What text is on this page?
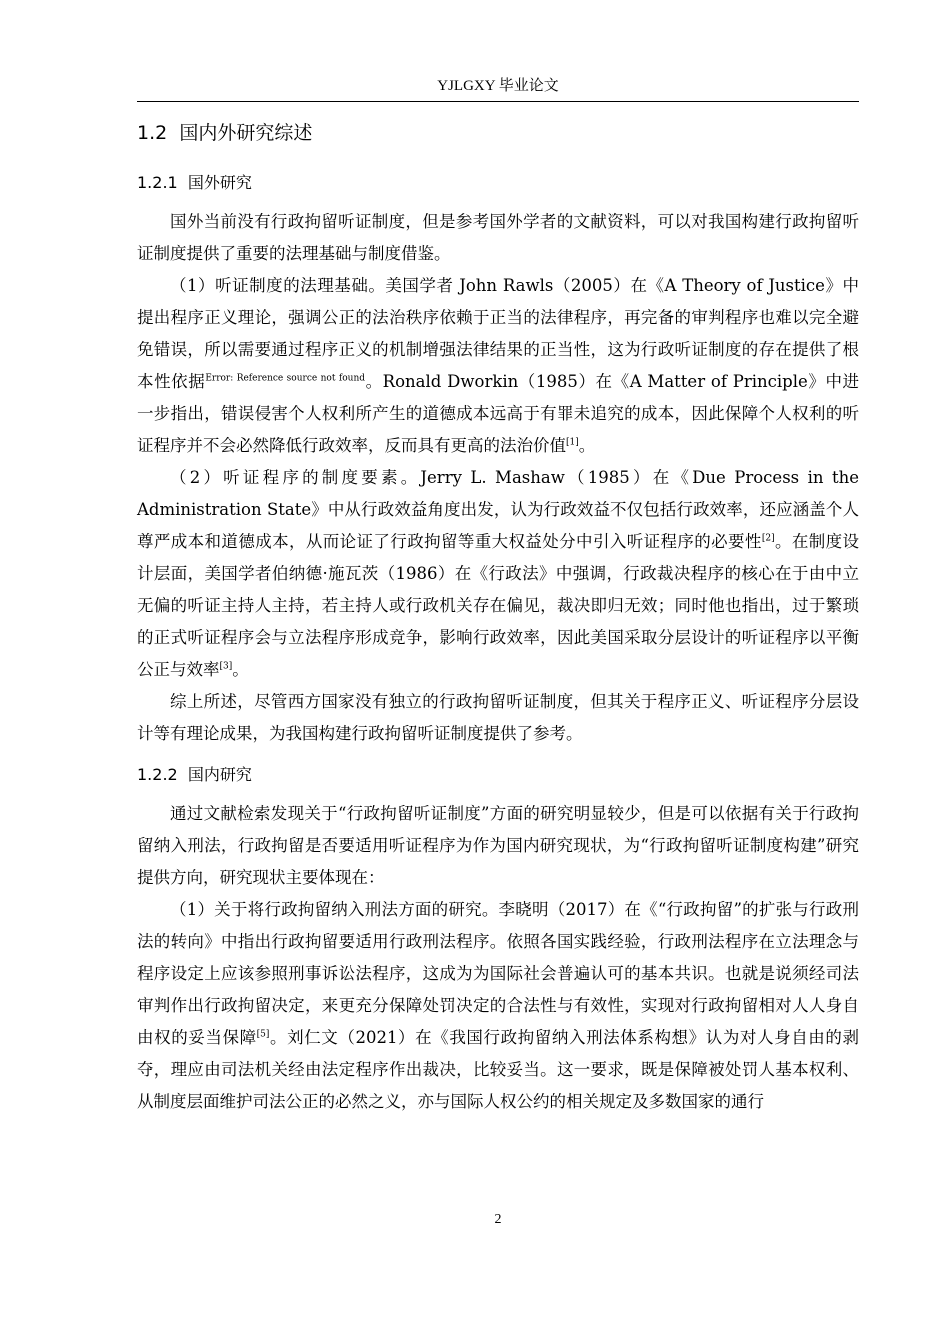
YJLGXY 毕业论文
1.2 国内外研究综述
1.2.1 国外研究

国外当前没有行政拘留听证制度，但是参考国外学者的文献资料，可以对我国构建行政拘留听证制度提供了重要的法理基础与制度借鉴。

（1）听证制度的法理基础。美国学者 John Rawls（2005）在《A Theory of Justice》中提出程序正义理论，强调公正的法治秩序依赖于正当的法律程序，再完备的审判程序也难以完全避免错误，所以需要通过程序正义的机制增强法律结果的正当性，这为行政听证制度的存在提供了根本性依据$^{Error: Reference source not found}$。Ronald Dworkin（1985）在《A Matter of Principle》中进一步指出，错误侵害个人权利所产生的道德成本远高于有罪未追究的成本，因此保障个人权利的听证程序并不会必然降低行政效率，反而具有更高的法治价值[1]。

（2）听证程序的制度要素。Jerry L. Mashaw（1985）在《Due Process in the Administration State》中从行政效益角度出发，认为行政效益不仅包括行政效率，还应涵盖个人尊严成本和道德成本，从而论证了行政拘留等重大权益处分中引入听证程序的必要性[2]。在制度设计层面，美国学者伯纳德·施瓦茨（1986）在《行政法》中强调，行政裁决程序的核心在于由中立无偏的听证主持人主持，若主持人或行政机关存在偏见，裁决即归无效；同时他也指出，过于繁琐的正式听证程序会与立法程序形成竞争，影响行政效率，因此美国采取分层设计的听证程序以平衡公正与效率[3]。

综上所述，尽管西方国家没有独立的行政拘留听证制度，但其关于程序正义、听证程序分层设计等有理论成果，为我国构建行政拘留听证制度提供了参考。

1.2.2 国内研究

通过文献检索发现关于“行政拘留听证制度”方面的研究明显较少，但是可以依据有关于行政拘留纳入刑法，行政拘留是否要适用听证程序为作为国内研究现状，为“行政拘留听证制度构建”研究提供方向，研究现状主要体现在：

（1）关于将行政拘留纳入刑法方面的研究。李晓明（2017）在《“行政拘留”的扩张与行政刑法的转向》中指出行政拘留要适用行政刑法程序。依照各国实践经验，行政刑法程序在立法理念与程序设定上应该参照刑事诉讼法程序，这成为为国际社会普遍认可的基本共识。也就是说须经司法审判作出行政拘留决定，来更充分保障处罚决定的合法性与有效性，实现对行政拘留相对人人身自由权的妥当保障[5]。刘仁文（2021）在《我国行政拘留纳入刑法体系构想》认为对人身自由的剥夺，理应由司法机关经由法定程序作出裁决，比较妥当。这一要求，既是保障被处罚人基本权利、从制度层面维护司法公正的必然之义，亦与国际人权公约的相关规定及多数国家的通行

2
